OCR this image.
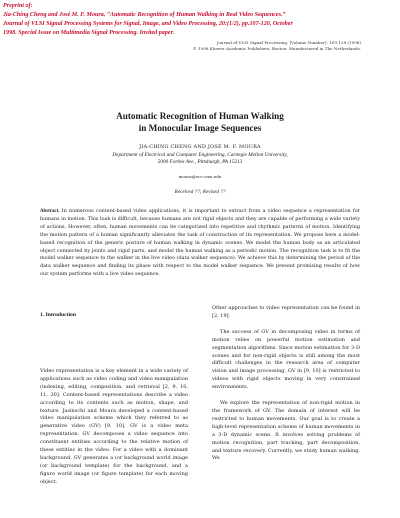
Preprint of:
Jia-Ching Cheng and José M. F. Moura, “Automatic Recognition of Human Walking in Real Video Sequences.” Journal of VLSI Signal Processing Systems for Signal, Image, and Video Processing, 20:(1/2), pp.107-120, October 1998. Special Issue on Multimedia Signal Processing. Invited paper.
Journal of VLSI Signal Processing, [Volume Number], 109-128 (1998)
© 1998 Kluwer Academic Publishers, Boston. Manufactured in The Netherlands.
Automatic Recognition of Human Walking
in Monocular Image Sequences
JIA-CHING CHENG AND JOSÉ M. F. MOURA
Department of Electrical and Computer Engineering, Carnegie Mellon University,
5000 Forbes Ave., Pittsburgh, PA 15213
moura@ece.cmu.edu
Received ??; Revised ??
Abstract. In numerous content-based video applications, it is important to extract from a video sequence a representation for humans in motion. This task is difficult, because humans are not rigid objects and they are capable of performing a wide variety of actions. However, often, human movements can be categorized into repetitive and rhythmic patterns of motion. Identifying the motion pattern of a human significantly alleviates the task of construction of its representation. We propose here a model-based recognition of the generic posture of human walking in dynamic scenes. We model the human body as an articulated object connected by joints and rigid parts, and model the human walking as a periodic motion. The recognition task is to fit the model walker sequence to the walker in the live video (data walker sequence). We achieve this by determining the period of the data walker sequence and finding its phase with respect to the model walker sequence. We present promising results of how our system performs with a live video sequence.
1. Introduction

Video representation is a key element in a wide variety of applications such as video coding and video manipulation (indexing, editing, composition, and retrieval [2, 9, 10, 11, 20]. Content-based representations describe a video according to its contents such as motion, shape, and texture. Jasinschi and Moura developed a content-based video manipulation scheme which they referred to as generative video (GV) [9, 10]. GV is a video meta representation. GV decomposes a video sequence into constituent entities according to the relative motion of these entities in the video. For a video with a dominant background, GV generates a (or background world image (or background template) for the background, and a figure world image (or figure template) for each moving object.

Other approaches to video representation can be found in [2, 19].

The success of GV in decomposing video in terms of motion relies on powerful motion estimation and segmentation algorithms. Since motion estimation for 3-D scenes and for non-rigid objects is still among the most difficult challenges in the research area of computer vision and image processing, GV in [9, 10] is restricted to videos with rigid objects moving in very constrained environments.

We explore the representation of non-rigid motion in the framework of GV. The domain of interest will be restricted to human movements. Our goal is to create a high-level representation scheme of human movements in a 3-D dynamic scene. It involves solving problems of motion recognition, part tracking, part decomposition, and texture recovery. Currently, we study human walking. We
